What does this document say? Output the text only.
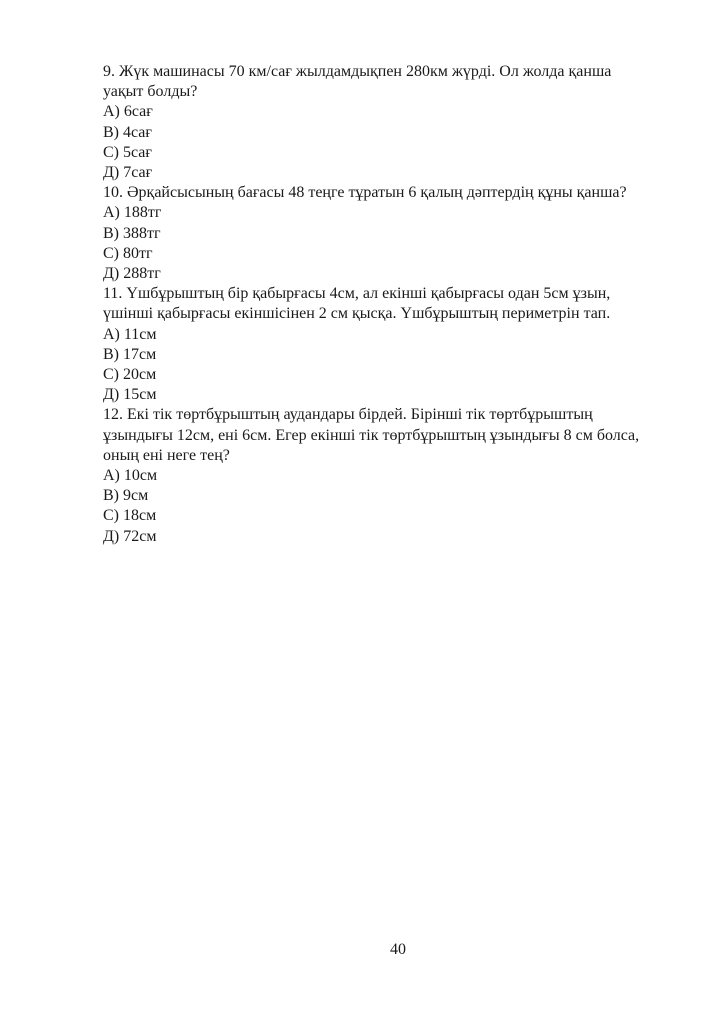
9. Жүк машинасы 70 км/сағ жылдамдықпен 280км жүрді. Ол жолда қанша
уақыт болды?
А) 6сағ
В) 4сағ
С) 5сағ
Д) 7сағ
10. Әрқайсысының бағасы 48 теңге тұратын 6 қалың дәптердің құны қанша?
А) 188тг
В) 388тг
С) 80тг
Д) 288тг
11. Үшбұрыштың бір қабырғасы 4см, ал екінші қабырғасы одан 5см ұзын,
үшінші қабырғасы екіншісінен 2 см қысқа. Үшбұрыштың периметрін тап.
А) 11см
В) 17см
С) 20см
Д) 15см
12. Екі тік төртбұрыштың аудандары бірдей. Бірінші тік төртбұрыштың
ұзындығы 12см, ені 6см. Егер екінші тік төртбұрыштың ұзындығы 8 см болса,
оның ені неге тең?
А) 10см
В) 9см
С) 18см
Д) 72см
40
